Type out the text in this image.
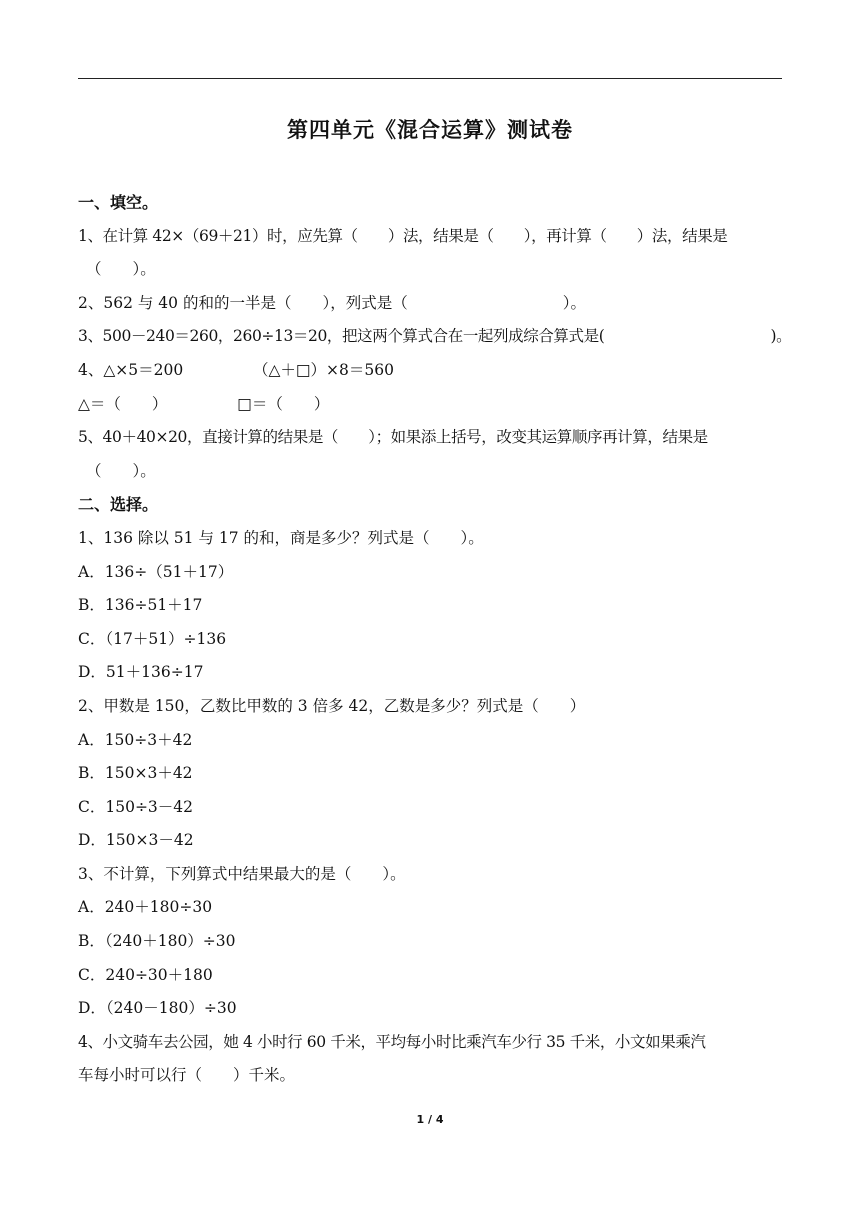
第四单元《混合运算》测试卷
一、填空。
1、在计算 42×（69＋21）时，应先算（　　）法，结果是（　　），再计算（　　）法，结果是
（　　）。
2、562 与 40 的和的一半是（　　），列式是（　　　　　　　　　　）。
3、500－240＝260，260÷13＝20，把这两个算式合在一起列成综合算式是(　　　　　　　　　　　)。
4、△×5＝200　　　　　（△＋□）×8＝560
△＝（　　）　　　　　□＝（　　）
5、40＋40×20，直接计算的结果是（　　）；如果添上括号，改变其运算顺序再计算，结果是
（　　）。
二、选择。
1、136 除以 51 与 17 的和，商是多少？列式是（　　）。
A．136÷（51＋17）
B．136÷51＋17
C．（17＋51）÷136
D．51＋136÷17
2、甲数是 150，乙数比甲数的 3 倍多 42，乙数是多少？列式是（　　）
A．150÷3＋42
B．150×3＋42
C．150÷3－42
D．150×3－42
3、不计算，下列算式中结果最大的是（　　）。
A．240＋180÷30
B．（240＋180）÷30
C．240÷30＋180
D．（240－180）÷30
4、小文骑车去公园，她 4 小时行 60 千米，平均每小时比乘汽车少行 35 千米，小文如果乘汽
车每小时可以行（　　）千米。
1 / 4
